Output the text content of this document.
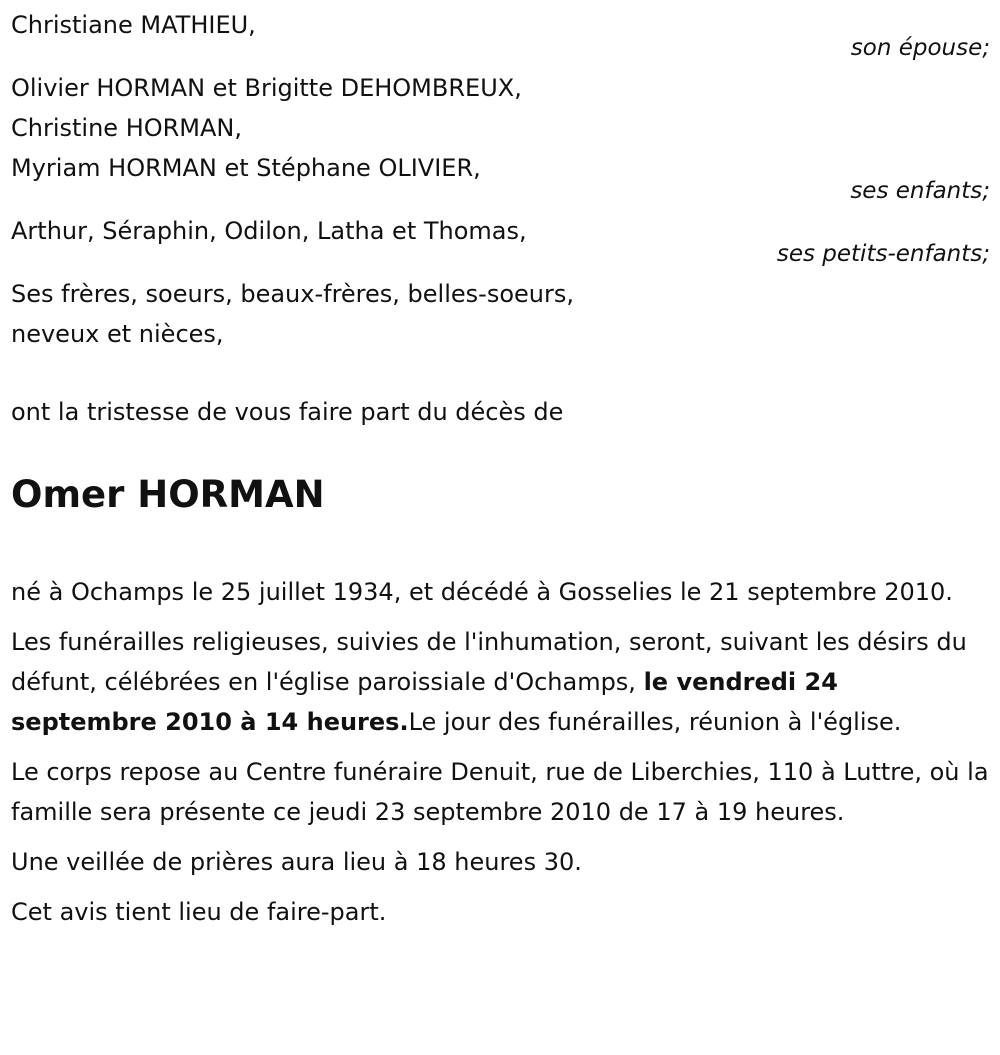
Christiane MATHIEU,
son épouse;
Olivier HORMAN et Brigitte DEHOMBREUX,
Christine HORMAN,
Myriam HORMAN et Stéphane OLIVIER,
ses enfants;
Arthur, Séraphin, Odilon, Latha et Thomas,
ses petits-enfants;
Ses frères, soeurs, beaux-frères, belles-soeurs,
neveux et nièces,
ont la tristesse de vous faire part du décès de
Omer HORMAN

né à Ochamps le 25 juillet 1934, et décédé à Gosselies le 21 septembre 2010.

Les funérailles religieuses, suivies de l'inhumation, seront, suivant les désirs du défunt, célébrées en l'église paroissiale d'Ochamps, le vendredi 24 septembre 2010 à 14 heures.Le jour des funérailles, réunion à l'église.

Le corps repose au Centre funéraire Denuit, rue de Liberchies, 110 à Luttre, où la famille sera présente ce jeudi 23 septembre 2010 de 17 à 19 heures.

Une veillée de prières aura lieu à 18 heures 30.

Cet avis tient lieu de faire-part.
